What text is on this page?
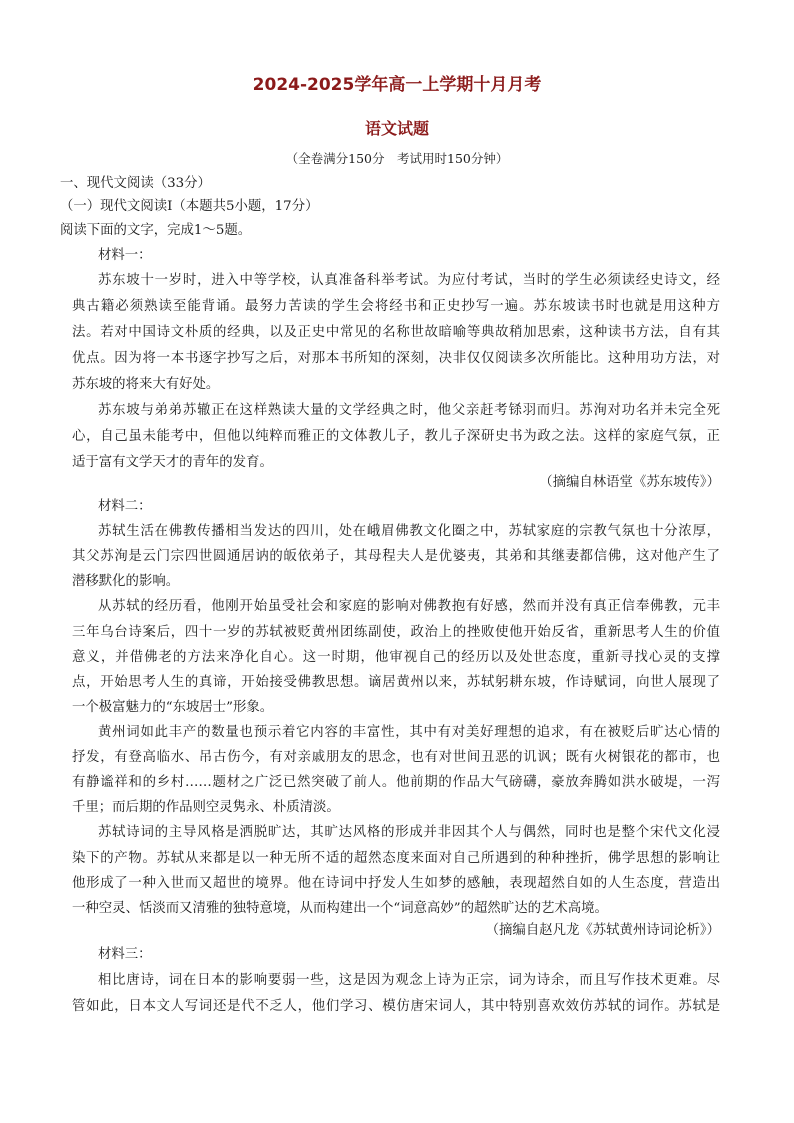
2024-2025学年高一上学期十月月考
语文试题
（全卷满分150分　考试用时150分钟）
一、现代文阅读（33分）
（一）现代文阅读Ⅰ（本题共5小题，17分）
阅读下面的文字，完成1～5题。
材料一：
苏东坡十一岁时，进入中等学校，认真准备科举考试。为应付考试，当时的学生必须读经史诗文，经
典古籍必须熟读至能背诵。最努力苦读的学生会将经书和正史抄写一遍。苏东坡读书时也就是用这种方
法。若对中国诗文朴质的经典，以及正史中常见的名称世故暗喻等典故稍加思索，这种读书方法，自有其
优点。因为将一本书逐字抄写之后，对那本书所知的深刻，决非仅仅阅读多次所能比。这种用功方法，对
苏东坡的将来大有好处。
苏东坡与弟弟苏辙正在这样熟读大量的文学经典之时，他父亲赶考铩羽而归。苏洵对功名并未完全死
心，自己虽未能考中，但他以纯粹而雅正的文体教儿子，教儿子深研史书为政之法。这样的家庭气氛，正
适于富有文学天才的青年的发育。
（摘编自林语堂《苏东坡传》）
材料二：
苏轼生活在佛教传播相当发达的四川，处在峨眉佛教文化圈之中，苏轼家庭的宗教气氛也十分浓厚，
其父苏洵是云门宗四世圆通居讷的皈依弟子，其母程夫人是优婆夷，其弟和其继妻都信佛，这对他产生了
潜移默化的影响。
从苏轼的经历看，他刚开始虽受社会和家庭的影响对佛教抱有好感，然而并没有真正信奉佛教，元丰
三年乌台诗案后，四十一岁的苏轼被贬黄州团练副使，政治上的挫败使他开始反省，重新思考人生的价值
意义，并借佛老的方法来净化自心。这一时期，他审视自己的经历以及处世态度，重新寻找心灵的支撑
点，开始思考人生的真谛，开始接受佛教思想。谪居黄州以来，苏轼躬耕东坡，作诗赋词，向世人展现了
一个极富魅力的“东坡居士”形象。
黄州词如此丰产的数量也预示着它内容的丰富性，其中有对美好理想的追求，有在被贬后旷达心情的
抒发，有登高临水、吊古伤今，有对亲戚朋友的思念，也有对世间丑恶的讥讽；既有火树银花的都市，也
有静谧祥和的乡村……题材之广泛已然突破了前人。他前期的作品大气磅礴，豪放奔腾如洪水破堤，一泻
千里；而后期的作品则空灵隽永、朴质清淡。
苏轼诗词的主导风格是洒脱旷达，其旷达风格的形成并非因其个人与偶然，同时也是整个宋代文化浸
染下的产物。苏轼从来都是以一种无所不适的超然态度来面对自己所遇到的种种挫折，佛学思想的影响让
他形成了一种入世而又超世的境界。他在诗词中抒发人生如梦的感触，表现超然自如的人生态度，营造出
一种空灵、恬淡而又清雅的独特意境，从而构建出一个“词意高妙”的超然旷达的艺术高境。
（摘编自赵凡龙《苏轼黄州诗词论析》）
材料三：
相比唐诗，词在日本的影响要弱一些，这是因为观念上诗为正宗，词为诗余，而且写作技术更难。尽
管如此，日本文人写词还是代不乏人，他们学习、模仿唐宋词人，其中特别喜欢效仿苏轼的词作。苏轼是
